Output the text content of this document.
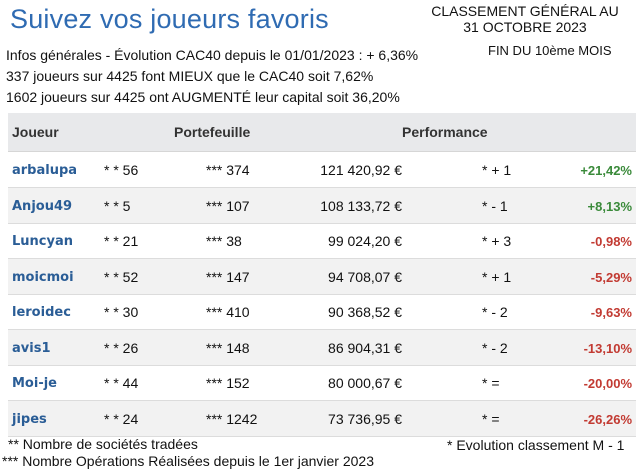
Suivez vos joueurs favoris	CLASSEMENT GÉNÉRAL AU
31 OCTOBRE 2023
FIN DU 10ème MOIS
Infos générales - Évolution CAC40 depuis le 01/01/2023 : + 6,36%
337 joueurs sur 4425 font MIEUX que le CAC40 soit 7,62%
1602 joueurs sur 4425 ont AUGMENTÉ leur capital soit 36,20%
Joueur	Portefeuille	Performance
arbalupa * * 56	*** 374	121 420,92 €	* + 1	+21,42%
Anjou49 * * 5	*** 107	108 133,72 €	* - 1	+8,13%
Luncyan * * 21	*** 38	99 024,20 €	* + 3	-0,98%
moicmoi * * 52	*** 147	94 708,07 €	* + 1	-5,29%
leroidec * * 30	*** 410	90 368,52 €	* - 2	-9,63%
avis1	* * 26	*** 148	86 904,31 €	* - 2	-13,10%
Moi-je	* * 44	*** 152	80 000,67 €	* =	-20,00%
jipes	* * 24	*** 1242	73 736,95 €	* =	-26,26%
** Nombre de sociétés tradées
*** Nombre Opérations Réalisées depuis le 1er janvier 2023
* Evolution classement M - 1
